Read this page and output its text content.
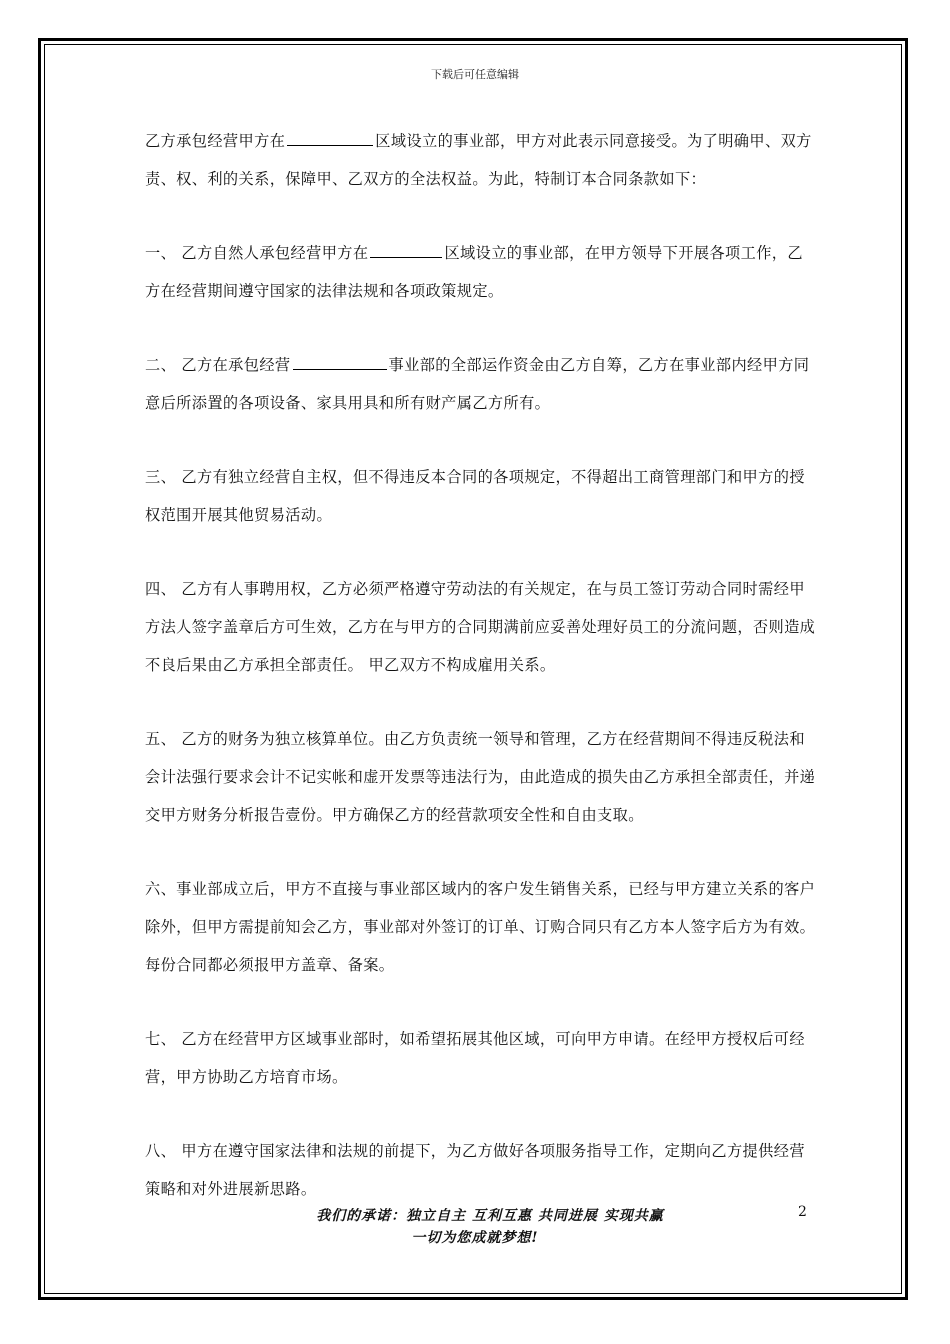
下载后可任意编辑

乙方承包经营甲方在	区域设立的事业部，甲方对此表示同意接受。为了明确甲、双方责、权、利的关系，保障甲、乙双方的全法权益。为此，特制订本合同条款如下：

一、 乙方自然人承包经营甲方在	区域设立的事业部，在甲方领导下开展各项工作，乙方在经营期间遵守国家的法律法规和各项政策规定。

二、 乙方在承包经营	事业部的全部运作资金由乙方自筹，乙方在事业部内经甲方同意后所添置的各项设备、家具用具和所有财产属乙方所有。

三、 乙方有独立经营自主权，但不得违反本合同的各项规定，不得超出工商管理部门和甲方的授权范围开展其他贸易活动。

四、 乙方有人事聘用权，乙方必须严格遵守劳动法的有关规定，在与员工签订劳动合同时需经甲方法人签字盖章后方可生效，乙方在与甲方的合同期满前应妥善处理好员工的分流问题，否则造成不良后果由乙方承担全部责任。 甲乙双方不构成雇用关系。

五、 乙方的财务为独立核算单位。由乙方负责统一领导和管理，乙方在经营期间不得违反税法和会计法强行要求会计不记实帐和虚开发票等违法行为，由此造成的损失由乙方承担全部责任，并递交甲方财务分析报告壹份。甲方确保乙方的经营款项安全性和自由支取。

六、事业部成立后，甲方不直接与事业部区域内的客户发生销售关系，已经与甲方建立关系的客户除外，但甲方需提前知会乙方，事业部对外签订的订单、订购合同只有乙方本人签字后方为有效。每份合同都必须报甲方盖章、备案。

七、 乙方在经营甲方区域事业部时，如希望拓展其他区域，可向甲方申请。在经甲方授权后可经营，甲方协助乙方培育市场。

八、 甲方在遵守国家法律和法规的前提下，为乙方做好各项服务指导工作，定期向乙方提供经营策略和对外进展新思路。

我们的承诺：独立自主 互利互惠 共同进展 实现共赢
一切为您成就梦想!
2
